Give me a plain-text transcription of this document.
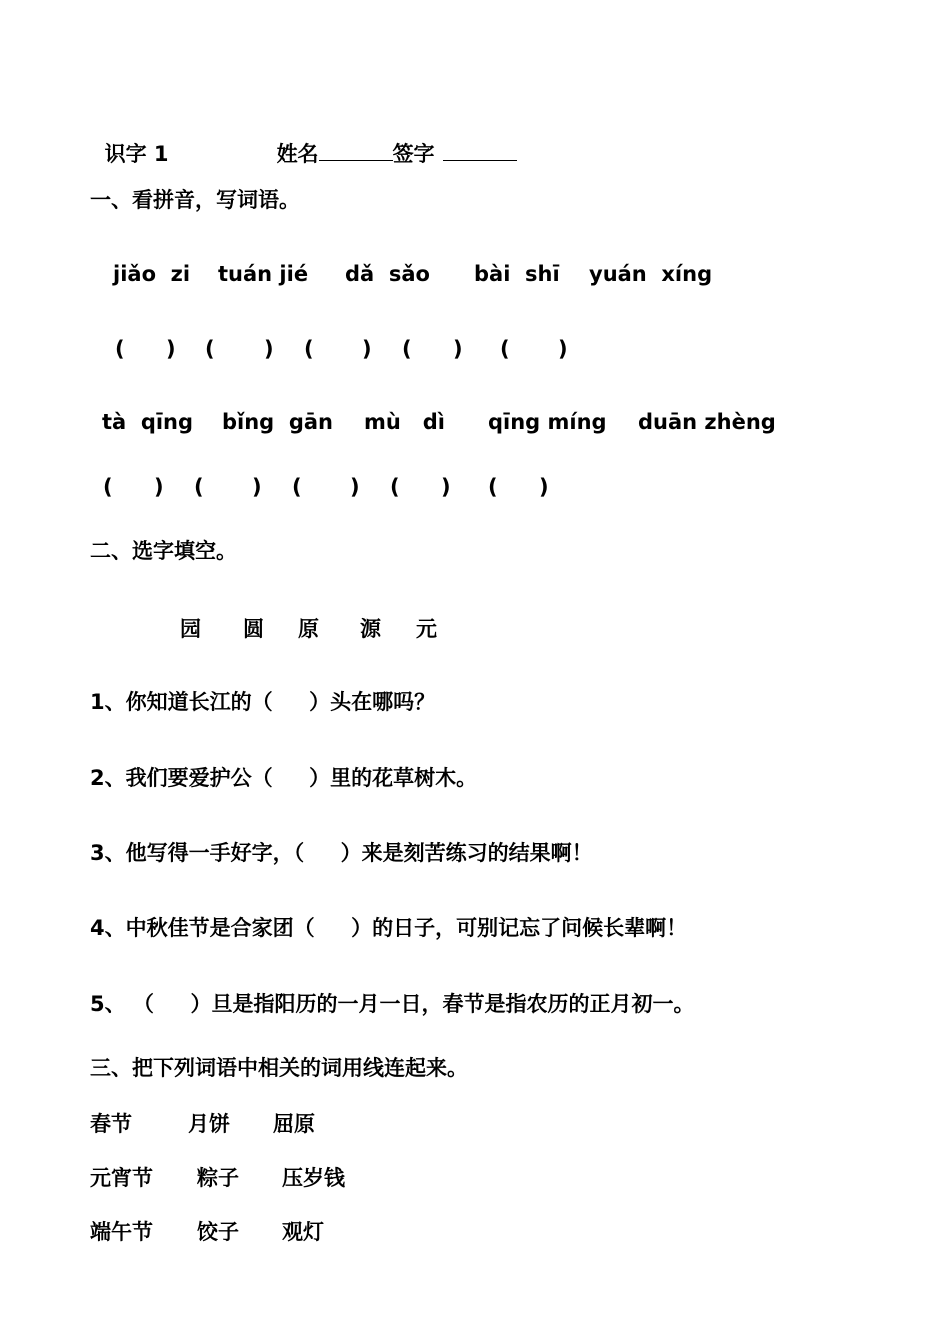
识字 1	姓名	签字

一、看拼音，写词语。
jiǎo  zi tuán jié dǎ  sǎo bài  shī yuán  xíng
( ) ( ) ( ) ( ) ( )
tà  qīng bǐng  gān mù   dì qīng míng duān zhèng
( ) ( ) ( ) ( ) ( )
二、选字填空。
园 圆 原 源 元
1、你知道长江的（     ）头在哪吗？
2、我们要爱护公（     ）里的花草树木。
3、他写得一手好字，（     ）来是刻苦练习的结果啊！
4、中秋佳节是合家团（     ）的日子，可别记忘了问候长辈啊！
5、 （     ）旦是指阳历的一月一日，春节是指农历的正月初一。
三、把下列词语中相关的词用线连起来。
春节	月饼 屈原
元宵节 粽子 压岁钱
端午节 饺子 观灯
